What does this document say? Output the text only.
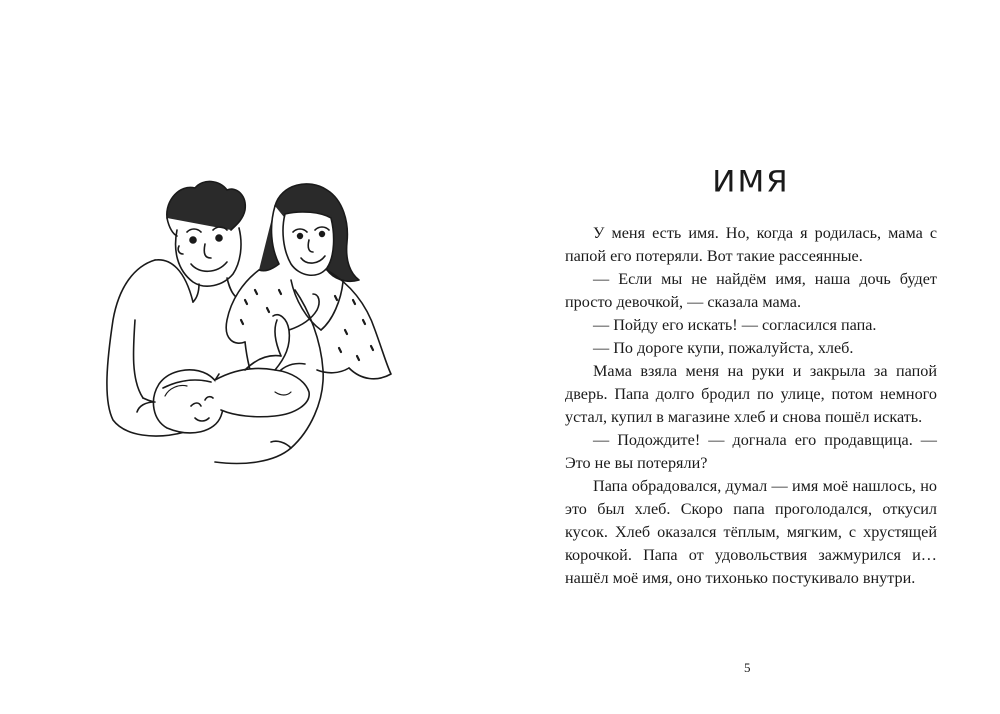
ИМЯ

У меня есть имя. Но, когда я родилась, мама с папой его потеряли. Вот такие рассеянные.

— Если мы не найдём имя, наша дочь будет просто девочкой, — сказала мама.

— Пойду его искать! — согласился папа.

— По дороге купи, пожалуйста, хлеб.

Мама взяла меня на руки и закрыла за папой дверь. Папа долго бродил по улице, потом немного устал, купил в магазине хлеб и снова пошёл искать.

— Подождите! — догнала его продавщица. — Это не вы потеряли?

Папа обрадовался, думал — имя моё нашлось, но это был хлеб. Скоро папа проголодался, откусил кусок. Хлеб оказался тёплым, мягким, с хрустящей корочкой. Папа от удовольствия зажмурился и… нашёл моё имя, оно тихонько постукивало внутри.

5
